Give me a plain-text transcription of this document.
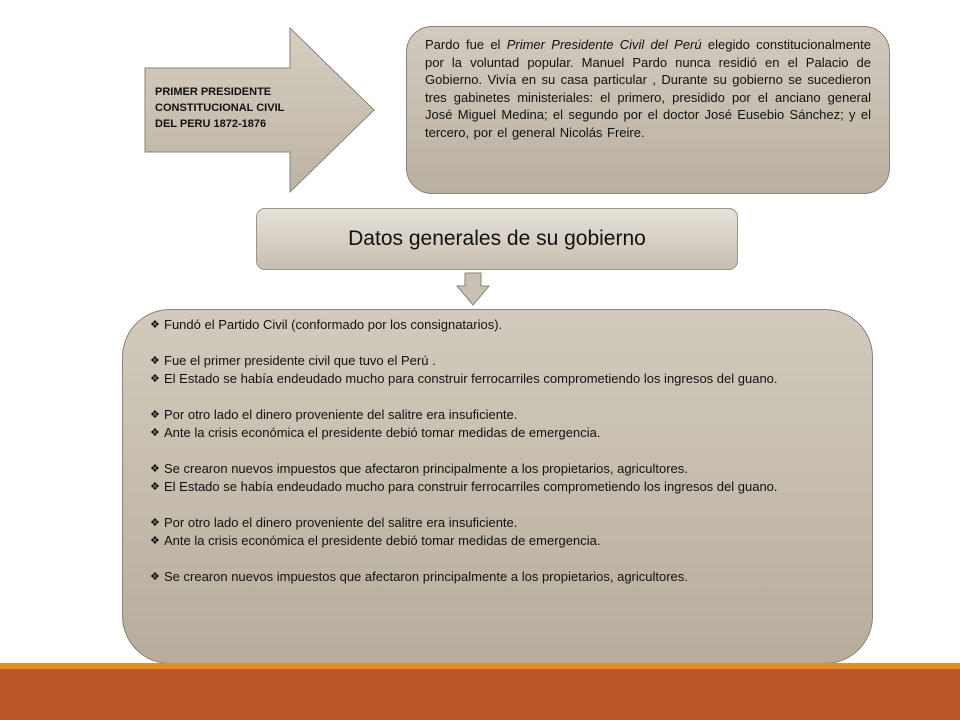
PRIMER PRESIDENTE
CONSTITUCIONAL CIVIL
DEL PERU 1872-1876
Pardo fue el Primer Presidente Civil del Perú elegido constitucionalmente por la voluntad popular. Manuel Pardo nunca residió en el Palacio de Gobierno. Vivía en su casa particular , Durante su gobierno se sucedieron tres gabinetes ministeriales: el primero, presidido por el anciano general José Miguel Medina; el segundo por el doctor José Eusebio Sánchez; y el tercero, por el general Nicolás Freire.
Datos generales de su gobierno
❖ Fundó el Partido Civil (conformado por los consignatarios).
❖ Fue el primer presidente civil que tuvo el Perú .
❖ El Estado se había endeudado mucho para construir ferrocarriles comprometiendo los ingresos del guano.
❖ Por otro lado el dinero proveniente del salitre era insuficiente.
❖ Ante la crisis económica el presidente debió tomar medidas de emergencia.
❖ Se crearon nuevos impuestos que afectaron principalmente a los propietarios, agricultores.
❖ El Estado se había endeudado mucho para construir ferrocarriles comprometiendo los ingresos del guano.
❖ Por otro lado el dinero proveniente del salitre era insuficiente.
❖ Ante la crisis económica el presidente debió tomar medidas de emergencia.
❖ Se crearon nuevos impuestos que afectaron principalmente a los propietarios, agricultores.
